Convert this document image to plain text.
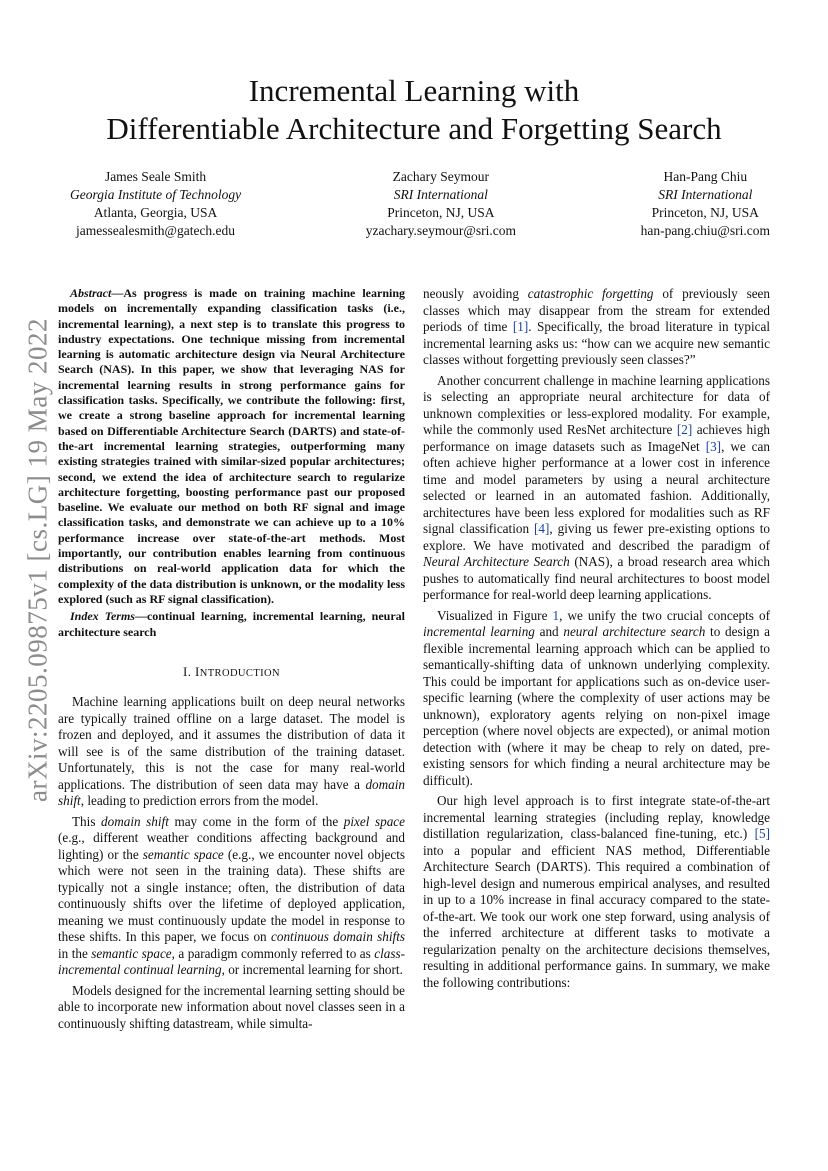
arXiv:2205.09875v1 [cs.LG] 19 May 2022
Incremental Learning with
Differentiable Architecture and Forgetting Search
James Seale Smith
Georgia Institute of Technology
Atlanta, Georgia, USA
jamessealesmith@gatech.edu
Zachary Seymour
SRI International
Princeton, NJ, USA
yzachary.seymour@sri.com
Han-Pang Chiu
SRI International
Princeton, NJ, USA
han-pang.chiu@sri.com

Abstract—As progress is made on training machine learning models on incrementally expanding classification tasks (i.e., incremental learning), a next step is to translate this progress to industry expectations. One technique missing from incremental learning is automatic architecture design via Neural Architecture Search (NAS). In this paper, we show that leveraging NAS for incremental learning results in strong performance gains for classification tasks. Specifically, we contribute the following: first, we create a strong baseline approach for incremental learning based on Differentiable Architecture Search (DARTS) and state-of-the-art incremental learning strategies, outperforming many existing strategies trained with similar-sized popular architectures; second, we extend the idea of architecture search to regularize architecture forgetting, boosting performance past our proposed baseline. We evaluate our method on both RF signal and image classification tasks, and demonstrate we can achieve up to a 10% performance increase over state-of-the-art methods. Most importantly, our contribution enables learning from continuous distributions on real-world application data for which the complexity of the data distribution is unknown, or the modality less explored (such as RF signal classification).

Index Terms—continual learning, incremental learning, neural architecture search
I. INTRODUCTION

Machine learning applications built on deep neural networks are typically trained offline on a large dataset. The model is frozen and deployed, and it assumes the distribution of data it will see is of the same distribution of the training dataset. Unfortunately, this is not the case for many real-world applications. The distribution of seen data may have a domain shift, leading to prediction errors from the model.

This domain shift may come in the form of the pixel space (e.g., different weather conditions affecting background and lighting) or the semantic space (e.g., we encounter novel objects which were not seen in the training data). These shifts are typically not a single instance; often, the distribution of data continuously shifts over the lifetime of deployed application, meaning we must continuously update the model in response to these shifts. In this paper, we focus on continuous domain shifts in the semantic space, a paradigm commonly referred to as class-incremental continual learning, or incremental learning for short.

Models designed for the incremental learning setting should be able to incorporate new information about novel classes seen in a continuously shifting datastream, while simulta-

neously avoiding catastrophic forgetting of previously seen classes which may disappear from the stream for extended periods of time [1]. Specifically, the broad literature in typical incremental learning asks us: “how can we acquire new semantic classes without forgetting previously seen classes?”

Another concurrent challenge in machine learning applications is selecting an appropriate neural architecture for data of unknown complexities or less-explored modality. For example, while the commonly used ResNet architecture [2] achieves high performance on image datasets such as ImageNet [3], we can often achieve higher performance at a lower cost in inference time and model parameters by using a neural architecture selected or learned in an automated fashion. Additionally, architectures have been less explored for modalities such as RF signal classification [4], giving us fewer pre-existing options to explore. We have motivated and described the paradigm of Neural Architecture Search (NAS), a broad research area which pushes to automatically find neural architectures to boost model performance for real-world deep learning applications.

Visualized in Figure 1, we unify the two crucial concepts of incremental learning and neural architecture search to design a flexible incremental learning approach which can be applied to semantically-shifting data of unknown underlying complexity. This could be important for applications such as on-device user-specific learning (where the complexity of user actions may be unknown), exploratory agents relying on non-pixel image perception (where novel objects are expected), or animal motion detection with (where it may be cheap to rely on dated, pre-existing sensors for which finding a neural architecture may be difficult).

Our high level approach is to first integrate state-of-the-art incremental learning strategies (including replay, knowledge distillation regularization, class-balanced fine-tuning, etc.) [5] into a popular and efficient NAS method, Differentiable Architecture Search (DARTS). This required a combination of high-level design and numerous empirical analyses, and resulted in up to a 10% increase in final accuracy compared to the state-of-the-art. We took our work one step forward, using analysis of the inferred architecture at different tasks to motivate a regularization penalty on the architecture decisions themselves, resulting in additional performance gains. In summary, we make the following contributions:
